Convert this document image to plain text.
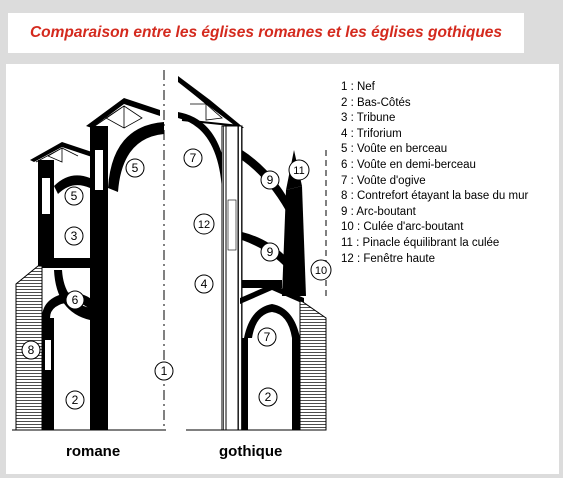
Comparaison entre les églises romanes et les églises gothiques
5
5
3
6
8
2
1
7
12
4
11
9
9
10
7
2
1 : Nef
2 : Bas-Côtés
3 : Tribune
4 : Triforium
5 : Voûte en berceau
6 : Voûte en demi-berceau
7 : Voûte d'ogive
8 : Contrefort étayant la base du mur
9 : Arc-boutant
10 : Culée d'arc-boutant
11 : Pinacle équilibrant la culée
12 : Fenêtre haute
romane	gothique
